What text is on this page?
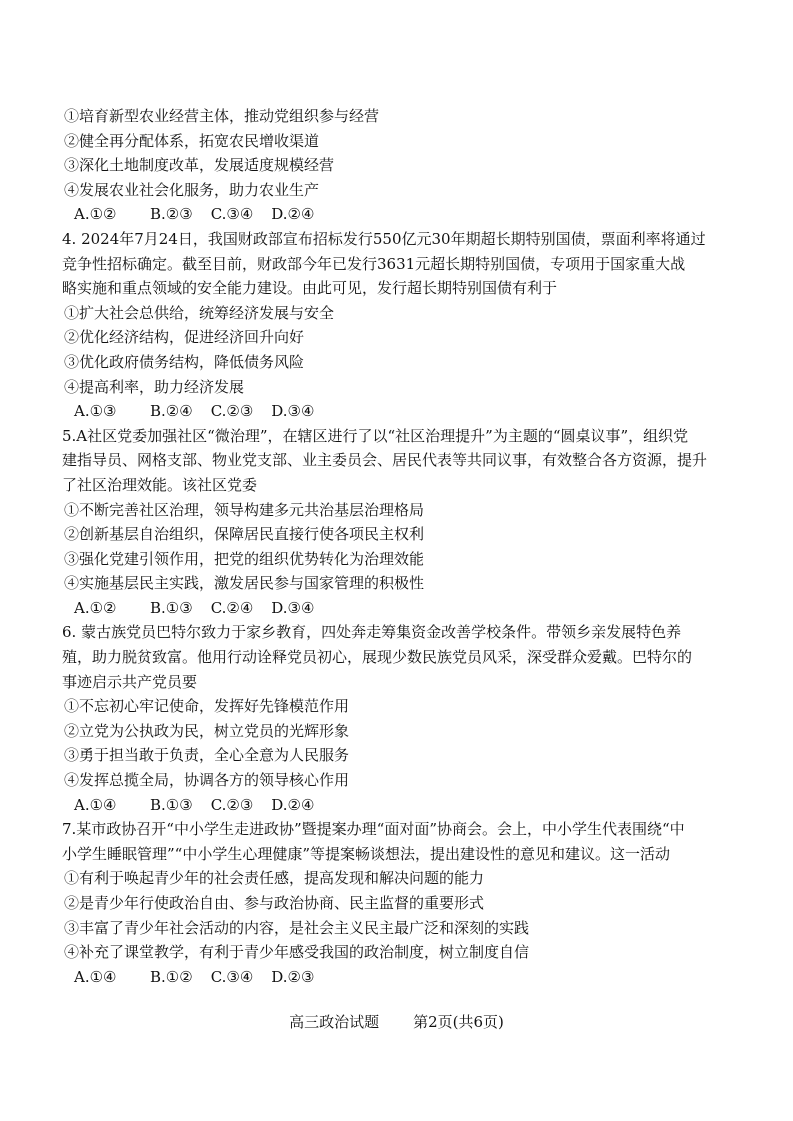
①培育新型农业经营主体，推动党组织参与经营
②健全再分配体系，拓宽农民增收渠道
③深化土地制度改革，发展适度规模经营
④发展农业社会化服务，助力农业生产
A.①②	B.②③ C.③④ D.②④
4. 2024年7月24日，我国财政部宣布招标发行550亿元30年期超长期特别国债，票面利率将通过
竞争性招标确定。截至目前，财政部今年已发行3631元超长期特别国债，专项用于国家重大战
略实施和重点领域的安全能力建设。由此可见，发行超长期特别国债有利于
①扩大社会总供给，统筹经济发展与安全
②优化经济结构，促进经济回升向好
③优化政府债务结构，降低债务风险
④提高利率，助力经济发展
A.①③	B.②④ C.②③ D.③④
5.A社区党委加强社区“微治理”，在辖区进行了以“社区治理提升”为主题的“圆桌议事”，组织党
建指导员、网格支部、物业党支部、业主委员会、居民代表等共同议事，有效整合各方资源，提升
了社区治理效能。该社区党委
①不断完善社区治理，领导构建多元共治基层治理格局
②创新基层自治组织，保障居民直接行使各项民主权利
③强化党建引领作用，把党的组织优势转化为治理效能
④实施基层民主实践，激发居民参与国家管理的积极性
A.①②	B.①③ C.②④ D.③④
6. 蒙古族党员巴特尔致力于家乡教育，四处奔走筹集资金改善学校条件。带领乡亲发展特色养
殖，助力脱贫致富。他用行动诠释党员初心，展现少数民族党员风采，深受群众爱戴。巴特尔的
事迹启示共产党员要
①不忘初心牢记使命，发挥好先锋模范作用
②立党为公执政为民，树立党员的光辉形象
③勇于担当敢于负责，全心全意为人民服务
④发挥总揽全局，协调各方的领导核心作用
A.①④	B.①③ C.②③ D.②④
7.某市政协召开“中小学生走进政协”暨提案办理“面对面”协商会。会上，中小学生代表围绕“中
小学生睡眠管理”“中小学生心理健康”等提案畅谈想法，提出建设性的意见和建议。这一活动
①有利于唤起青少年的社会责任感，提高发现和解决问题的能力
②是青少年行使政治自由、参与政治协商、民主监督的重要形式
③丰富了青少年社会活动的内容，是社会主义民主最广泛和深刻的实践
④补充了课堂教学，有利于青少年感受我国的政治制度，树立制度自信
A.①④	B.①② C.③④ D.②③
高三政治试题 第2页(共6页)
